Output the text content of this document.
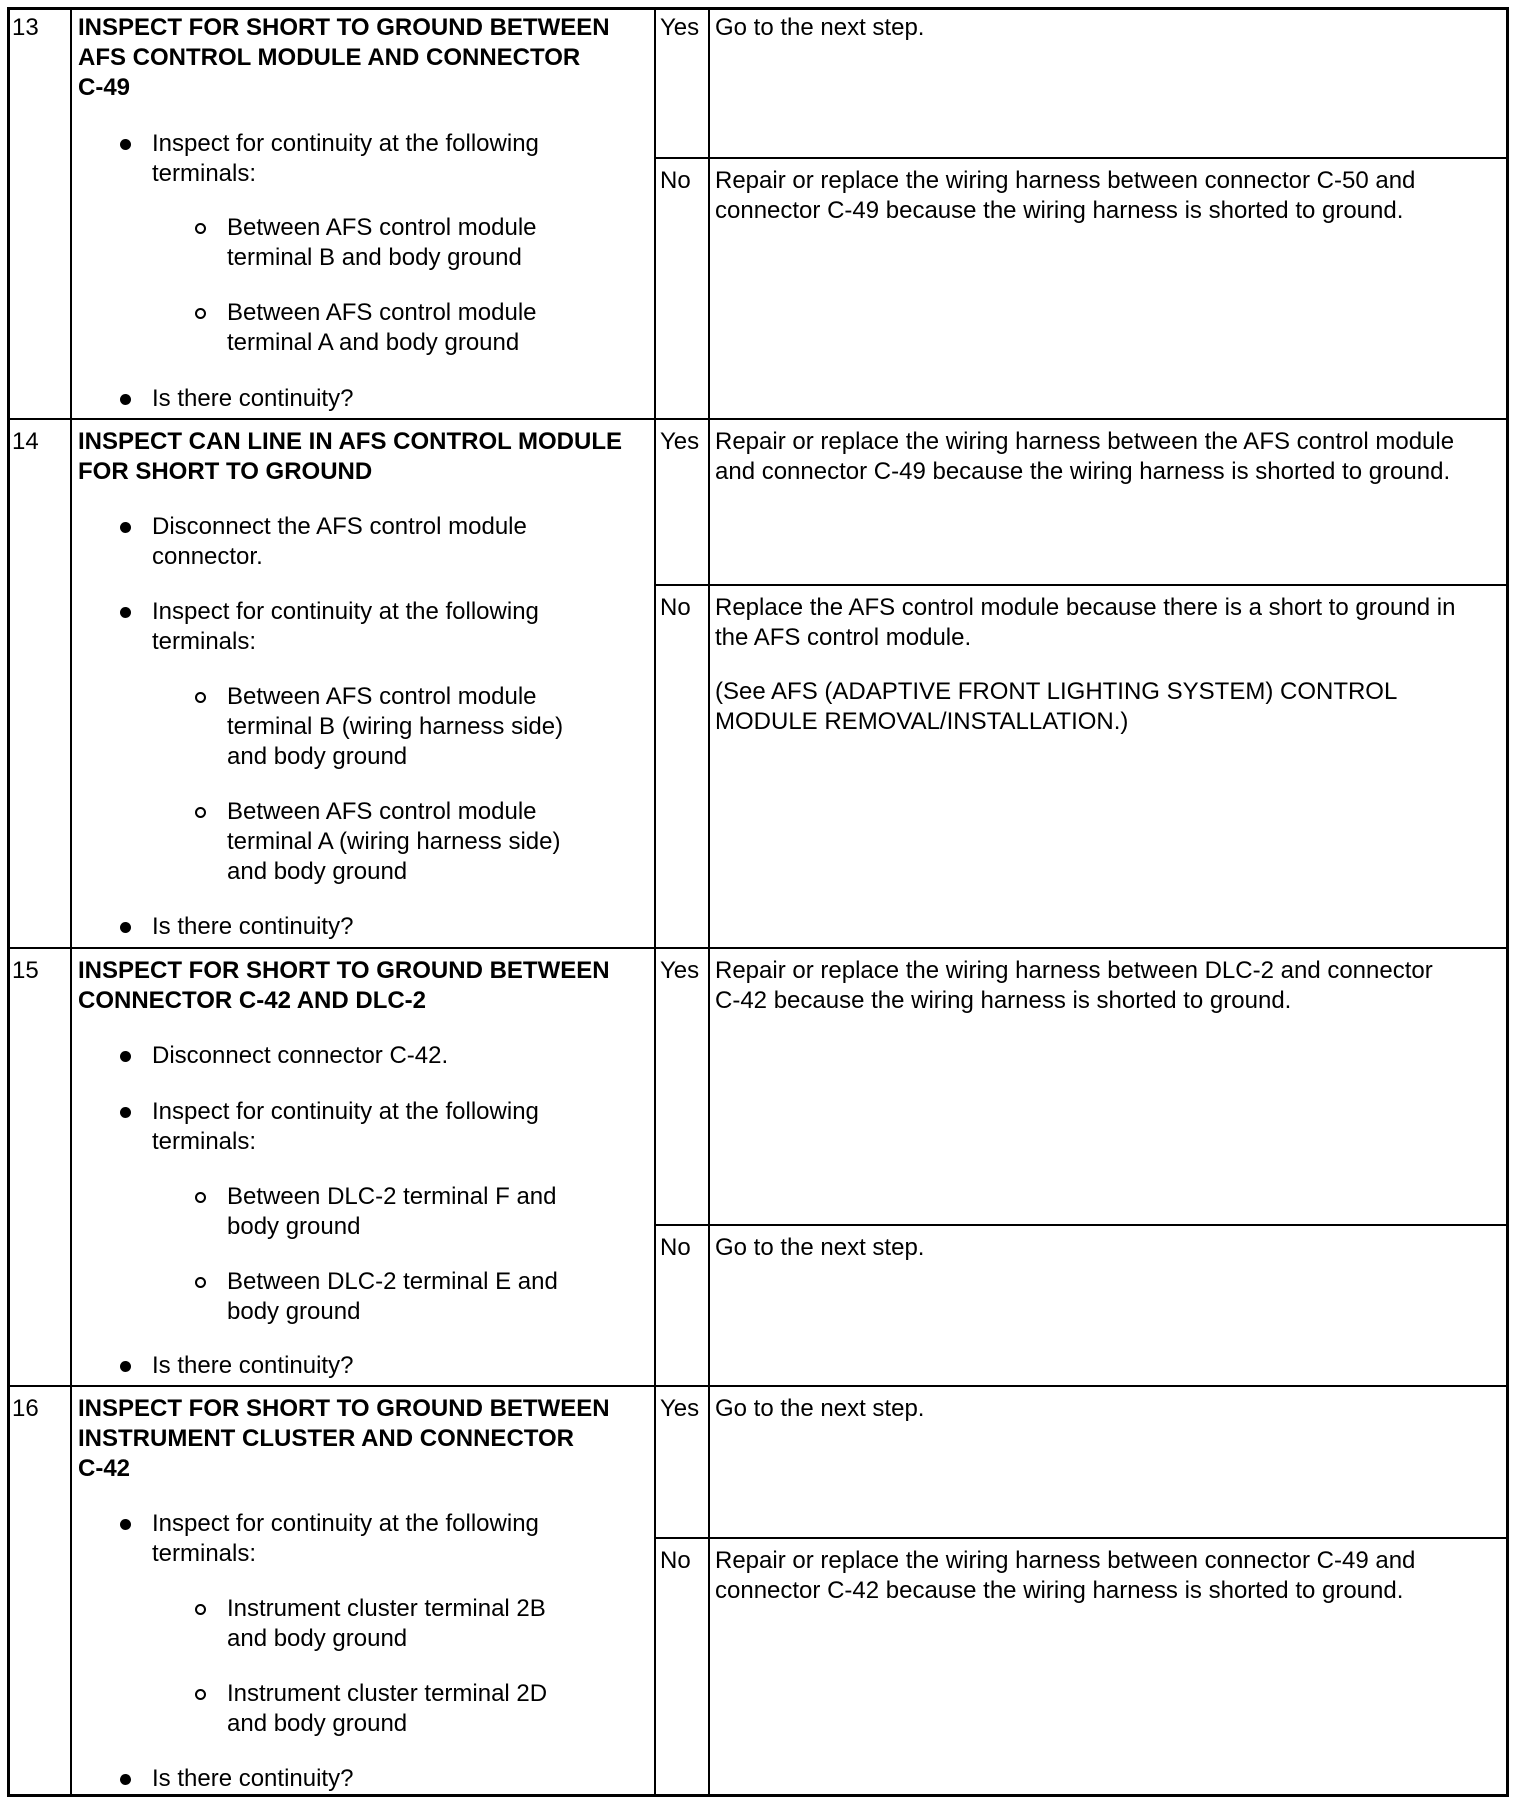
13 INSPECT FOR SHORT TO GROUND BETWEEN
AFS CONTROL MODULE AND CONNECTOR
C-49
Inspect for continuity at the following
terminals:
Between AFS control module
terminal B and body ground
Between AFS control module
terminal A and body ground
Is there continuity?
Yes Go to the next step.
No Repair or replace the wiring harness between connector C-50 and
connector C-49 because the wiring harness is shorted to ground.
14 INSPECT CAN LINE IN AFS CONTROL MODULE
FOR SHORT TO GROUND
Disconnect the AFS control module
connector.
Inspect for continuity at the following
terminals:
Between AFS control module
terminal B (wiring harness side)
and body ground
Between AFS control module
terminal A (wiring harness side)
and body ground
Is there continuity?
Yes Repair or replace the wiring harness between the AFS control module
and connector C-49 because the wiring harness is shorted to ground.
No Replace the AFS control module because there is a short to ground in
the AFS control module.
(See AFS (ADAPTIVE FRONT LIGHTING SYSTEM) CONTROL
MODULE REMOVAL/INSTALLATION.)
15 INSPECT FOR SHORT TO GROUND BETWEEN
CONNECTOR C-42 AND DLC-2
Disconnect connector C-42.
Inspect for continuity at the following
terminals:
Between DLC-2 terminal F and
body ground
Between DLC-2 terminal E and
body ground
Is there continuity?
Yes Repair or replace the wiring harness between DLC-2 and connector
C-42 because the wiring harness is shorted to ground.
No Go to the next step.
16 INSPECT FOR SHORT TO GROUND BETWEEN
INSTRUMENT CLUSTER AND CONNECTOR
C-42
Inspect for continuity at the following
terminals:
Instrument cluster terminal 2B
and body ground
Instrument cluster terminal 2D
and body ground
Is there continuity?
Yes Go to the next step.
No Repair or replace the wiring harness between connector C-49 and
connector C-42 because the wiring harness is shorted to ground.
